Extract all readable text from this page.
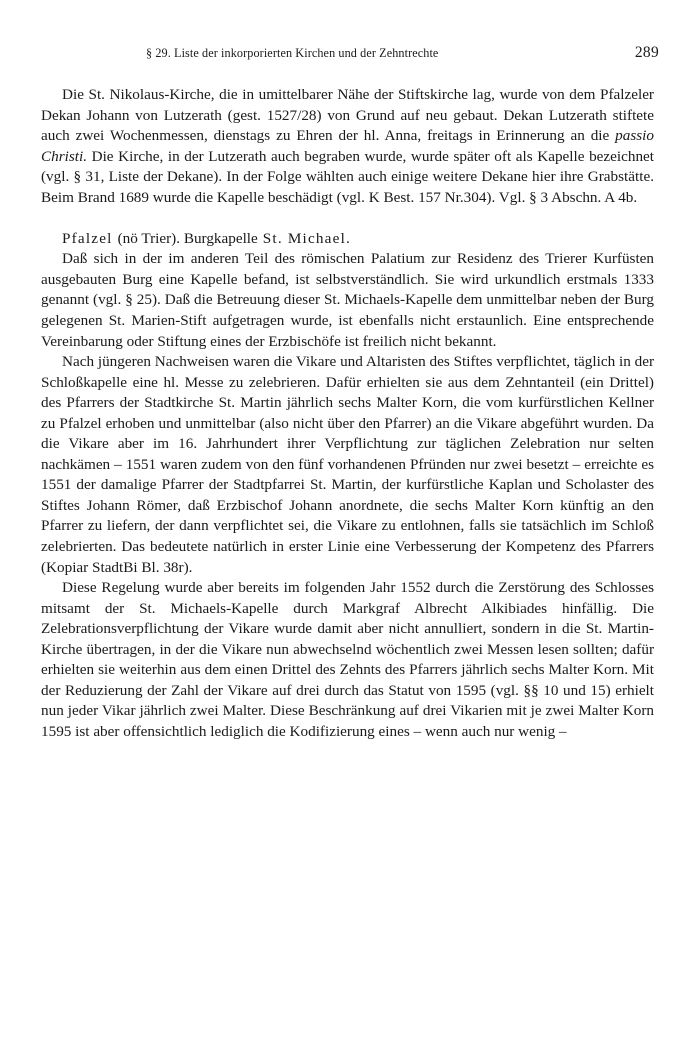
§ 29. Liste der inkorporierten Kirchen und der Zehntrechte	289

Die St. Nikolaus-Kirche, die in umittelbarer Nähe der Stiftskirche lag, wurde von dem Pfalzeler Dekan Johann von Lutzerath (gest. 1527/28) von Grund auf neu gebaut. Dekan Lutzerath stiftete auch zwei Wochenmessen, dienstags zu Ehren der hl. Anna, freitags in Erinnerung an die passio Christi. Die Kirche, in der Lutzerath auch begraben wurde, wurde später oft als Kapelle bezeichnet (vgl. § 31, Liste der Dekane). In der Folge wählten auch einige weitere Dekane hier ihre Grabstätte. Beim Brand 1689 wurde die Kapelle beschädigt (vgl. K Best. 157 Nr.304). Vgl. § 3 Abschn. A 4b.

Pfalzel (nö Trier). Burgkapelle St. Michael.

Daß sich in der im anderen Teil des römischen Palatium zur Residenz des Trierer Kurfüsten ausgebauten Burg eine Kapelle befand, ist selbstverständlich. Sie wird urkundlich erstmals 1333 genannt (vgl. § 25). Daß die Betreuung dieser St. Michaels-Kapelle dem unmittelbar neben der Burg gelegenen St. Marien-Stift aufgetragen wurde, ist ebenfalls nicht erstaunlich. Eine entsprechende Vereinbarung oder Stiftung eines der Erzbischöfe ist freilich nicht bekannt.

Nach jüngeren Nachweisen waren die Vikare und Altaristen des Stiftes verpflichtet, täglich in der Schloßkapelle eine hl. Messe zu zelebrieren. Dafür erhielten sie aus dem Zehntanteil (ein Drittel) des Pfarrers der Stadtkirche St. Martin jährlich sechs Malter Korn, die vom kurfürstlichen Kellner zu Pfalzel erhoben und unmittelbar (also nicht über den Pfarrer) an die Vikare abgeführt wurden. Da die Vikare aber im 16. Jahrhundert ihrer Verpflichtung zur täglichen Zelebration nur selten nachkämen – 1551 waren zudem von den fünf vorhandenen Pfründen nur zwei besetzt – erreichte es 1551 der damalige Pfarrer der Stadtpfarrei St. Martin, der kurfürstliche Kaplan und Scholaster des Stiftes Johann Römer, daß Erzbischof Johann anordnete, die sechs Malter Korn künftig an den Pfarrer zu liefern, der dann verpflichtet sei, die Vikare zu entlohnen, falls sie tatsächlich im Schloß zelebrierten. Das bedeutete natürlich in erster Linie eine Verbesserung der Kompetenz des Pfarrers (Kopiar StadtBi Bl. 38r).

Diese Regelung wurde aber bereits im folgenden Jahr 1552 durch die Zerstörung des Schlosses mitsamt der St. Michaels-Kapelle durch Markgraf Albrecht Alkibiades hinfällig. Die Zelebrationsverpflichtung der Vikare wurde damit aber nicht annulliert, sondern in die St. Martin-Kirche übertragen, in der die Vikare nun abwechselnd wöchentlich zwei Messen lesen sollten; dafür erhielten sie weiterhin aus dem einen Drittel des Zehnts des Pfarrers jährlich sechs Malter Korn. Mit der Reduzierung der Zahl der Vikare auf drei durch das Statut von 1595 (vgl. §§ 10 und 15) erhielt nun jeder Vikar jährlich zwei Malter. Diese Beschränkung auf drei Vikarien mit je zwei Malter Korn 1595 ist aber offensichtlich lediglich die Kodifizierung eines – wenn auch nur wenig –
